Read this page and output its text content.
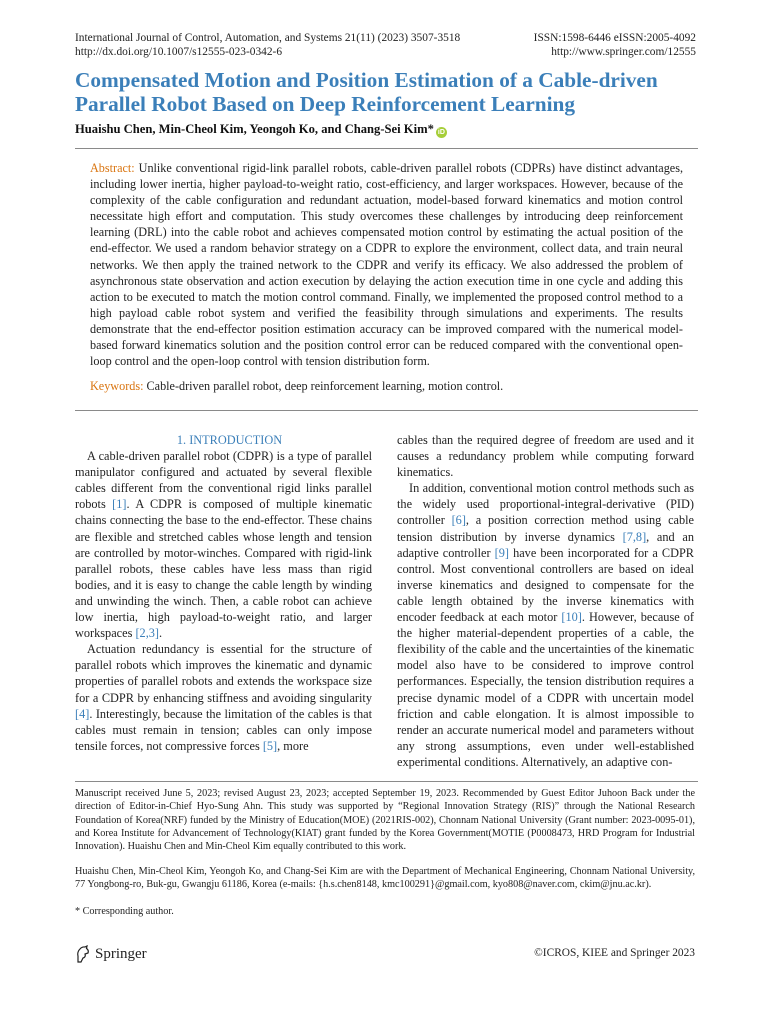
International Journal of Control, Automation, and Systems 21(11) (2023) 3507-3518
http://dx.doi.org/10.1007/s12555-023-0342-6
ISSN:1598-6446 eISSN:2005-4092
http://www.springer.com/12555
Compensated Motion and Position Estimation of a Cable-driven Parallel Robot Based on Deep Reinforcement Learning
Huaishu Chen, Min-Cheol Kim, Yeongoh Ko, and Chang-Sei Kim* iD

Abstract: Unlike conventional rigid-link parallel robots, cable-driven parallel robots (CDPRs) have distinct advantages, including lower inertia, higher payload-to-weight ratio, cost-efficiency, and larger workspaces. However, because of the complexity of the cable configuration and redundant actuation, model-based forward kinematics and motion control necessitate high effort and computation. This study overcomes these challenges by introducing deep reinforcement learning (DRL) into the cable robot and achieves compensated motion control by estimating the actual position of the end-effector. We used a random behavior strategy on a CDPR to explore the environment, collect data, and train neural networks. We then apply the trained network to the CDPR and verify its efficacy. We also addressed the problem of asynchronous state observation and action execution by delaying the action execution time in one cycle and adding this action to be executed to match the motion control command. Finally, we implemented the proposed control method to a high payload cable robot system and verified the feasibility through simulations and experiments. The results demonstrate that the end-effector position estimation accuracy can be improved compared with the numerical model-based forward kinematics solution and the position control error can be reduced compared with the conventional open-loop control and the open-loop control with tension distribution form.

Keywords: Cable-driven parallel robot, deep reinforcement learning, motion control.

1. INTRODUCTION

A cable-driven parallel robot (CDPR) is a type of parallel manipulator configured and actuated by several flexible cables different from the conventional rigid links parallel robots [1]. A CDPR is composed of multiple kinematic chains connecting the base to the end-effector. These chains are flexible and stretched cables whose length and tension are controlled by motor-winches. Compared with rigid-link parallel robots, these cables have less mass than rigid bodies, and it is easy to change the cable length by winding and unwinding the winch. Then, a cable robot can achieve low inertia, high payload-to-weight ratio, and larger workspaces [2,3].

Actuation redundancy is essential for the structure of parallel robots which improves the kinematic and dynamic properties of parallel robots and extends the workspace size for a CDPR by enhancing stiffness and avoiding singularity [4]. Interestingly, because the limitation of the cables is that cables must remain in tension; cables can only impose tensile forces, not compressive forces [5], more

cables than the required degree of freedom are used and it causes a redundancy problem while computing forward kinematics.

In addition, conventional motion control methods such as the widely used proportional-integral-derivative (PID) controller [6], a position correction method using cable tension distribution by inverse dynamics [7,8], and an adaptive controller [9] have been incorporated for a CDPR control. Most conventional controllers are based on ideal inverse kinematics and designed to compensate for the cable length obtained by the inverse kinematics with encoder feedback at each motor [10]. However, because of the higher material-dependent properties of a cable, the flexibility of the cable and the uncertainties of the kinematic model also have to be considered to improve control performances. Especially, the tension distribution requires a precise dynamic model of a CDPR with uncertain model friction and cable elongation. It is almost impossible to render an accurate numerical model and parameters without any strong assumptions, even under well-established experimental conditions. Alternatively, an adaptive con-

Manuscript received June 5, 2023; revised August 23, 2023; accepted September 19, 2023. Recommended by Guest Editor Juhoon Back under the direction of Editor-in-Chief Hyo-Sung Ahn. This study was supported by “Regional Innovation Strategy (RIS)” through the National Research Foundation of Korea(NRF) funded by the Ministry of Education(MOE) (2021RIS-002), Chonnam National University (Grant number: 2023-0095-01), and Korea Institute for Advancement of Technology(KIAT) grant funded by the Korea Government(MOTIE (P0008473, HRD Program for Industrial Innovation). Huaishu Chen and Min-Cheol Kim equally contributed to this work.

Huaishu Chen, Min-Cheol Kim, Yeongoh Ko, and Chang-Sei Kim are with the Department of Mechanical Engineering, Chonnam National University, 77 Yongbong-ro, Buk-gu, Gwangju 61186, Korea (e-mails: {h.s.chen8148, kmc100291}@gmail.com, kyo808@naver.com, ckim@jnu.ac.kr).

* Corresponding author.

Springer	©ICROS, KIEE and Springer 2023
